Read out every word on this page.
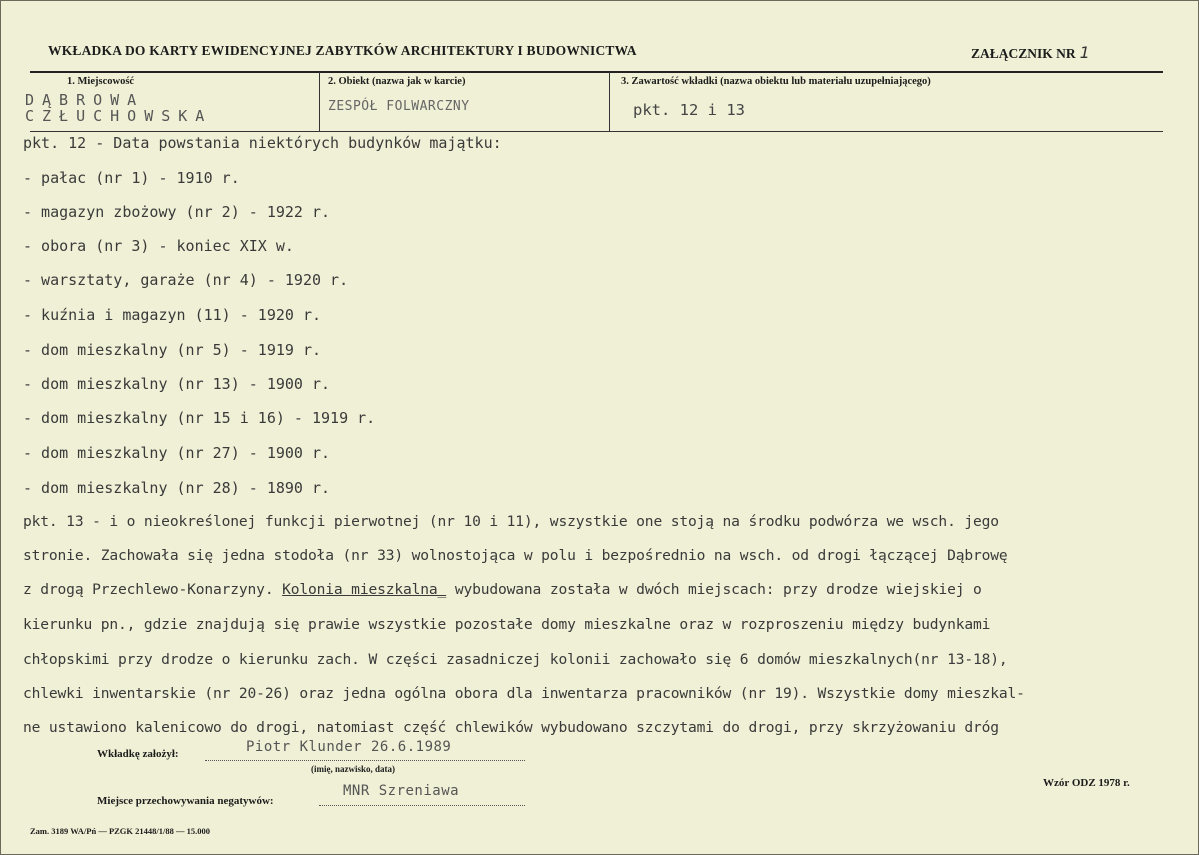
WKŁADKA DO KARTY EWIDENCYJNEJ ZABYTKÓW ARCHITEKTURY I BUDOWNICTWA	ZAŁĄCZNIK NR 1
1. Miejscowość	2. Obiekt (nazwa jak w karcie)	3. Zawartość wkładki (nazwa obiektu lub materiału uzupełniającego)
DĄBROWA
CZŁUCHOWSKA
ZESPÓŁ FOLWARCZNY	pkt. 12 i 13
pkt. 12 - Data powstania niektórych budynków majątku:
- pałac (nr 1) - 1910 r.
- magazyn zbożowy (nr 2) - 1922 r.
- obora (nr 3) - koniec XIX w.
- warsztaty, garaże (nr 4) - 1920 r.
- kuźnia i magazyn (11) - 1920 r.
- dom mieszkalny (nr 5) - 1919 r.
- dom mieszkalny (nr 13) - 1900 r.
- dom mieszkalny (nr 15 i 16) - 1919 r.
- dom mieszkalny (nr 27) - 1900 r.
- dom mieszkalny (nr 28) - 1890 r.
pkt. 13 - i o nieokreślonej funkcji pierwotnej (nr 10 i 11), wszystkie one stoją na środku podwórza we wsch. jego
stronie. Zachowała się jedna stodoła (nr 33) wolnostojąca w polu i bezpośrednio na wsch. od drogi łączącej Dąbrowę
z drogą Przechlewo-Konarzyny. Kolonia mieszkalna_ wybudowana została w dwóch miejscach: przy drodze wiejskiej o
kierunku pn., gdzie znajdują się prawie wszystkie pozostałe domy mieszkalne oraz w rozproszeniu między budynkami
chłopskimi przy drodze o kierunku zach. W części zasadniczej kolonii zachowało się 6 domów mieszkalnych(nr 13-18),
chlewki inwentarskie (nr 20-26) oraz jedna ogólna obora dla inwentarza pracowników (nr 19). Wszystkie domy mieszkal-
ne ustawiono kalenicowo do drogi, natomiast część chlewików wybudowano szczytami do drogi, przy skrzyżowaniu dróg
Wkładkę założył:	Piotr Klunder 26.6.1989
(imię, nazwisko, data)
Miejsce przechowywania negatywów:
MNR Szreniawa	Wzór ODZ 1978 r.
Zam. 3189 WA/Pń — PZGK 21448/1/88 — 15.000
